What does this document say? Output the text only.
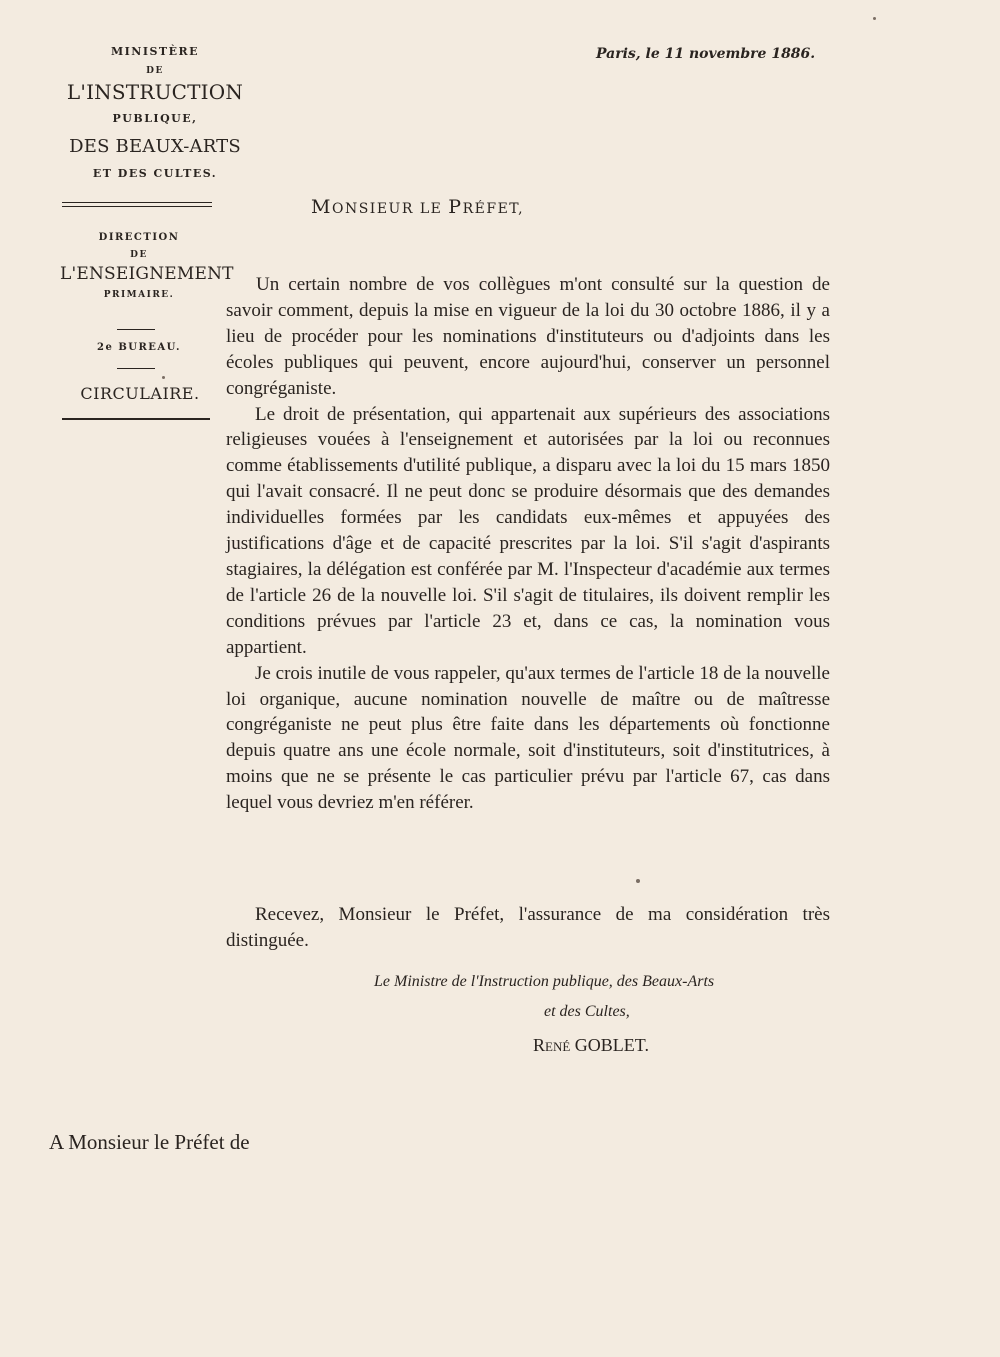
MINISTÈRE
DE
L'INSTRUCTION
PUBLIQUE,
DES BEAUX-ARTS
ET DES CULTES.
DIRECTION
DE
L'ENSEIGNEMENT
PRIMAIRE.
2e BUREAU.
CIRCULAIRE.
Paris, le 11 novembre 1886.
MONSIEUR LE PRÉFET,

Un certain nombre de vos collègues m'ont consulté sur la question de savoir comment, depuis la mise en vigueur de la loi du 30 octobre 1886, il y a lieu de procéder pour les nominations d'instituteurs ou d'adjoints dans les écoles publiques qui peuvent, encore aujourd'hui, conserver un personnel congréganiste.

Le droit de présentation, qui appartenait aux supérieurs des associations religieuses vouées à l'enseignement et autorisées par la loi ou reconnues comme établissements d'utilité publique, a disparu avec la loi du 15 mars 1850 qui l'avait consacré. Il ne peut donc se produire désormais que des demandes individuelles formées par les candidats eux-mêmes et appuyées des justifications d'âge et de capacité prescrites par la loi. S'il s'agit d'aspirants stagiaires, la délégation est conférée par M. l'Inspecteur d'académie aux termes de l'article 26 de la nouvelle loi. S'il s'agit de titulaires, ils doivent remplir les conditions prévues par l'article 23 et, dans ce cas, la nomination vous appartient.

Je crois inutile de vous rappeler, qu'aux termes de l'article 18 de la nouvelle loi organique, aucune nomination nouvelle de maître ou de maîtresse congréganiste ne peut plus être faite dans les départements où fonctionne depuis quatre ans une école normale, soit d'instituteurs, soit d'institutrices, à moins que ne se présente le cas particulier prévu par l'article 67, cas dans lequel vous devriez m'en référer.

Recevez, Monsieur le Préfet, l'assurance de ma considération très distinguée.

Le Ministre de l'Instruction publique, des Beaux-Arts
et des Cultes,
RENÉ GOBLET.
A Monsieur le Préfet de
